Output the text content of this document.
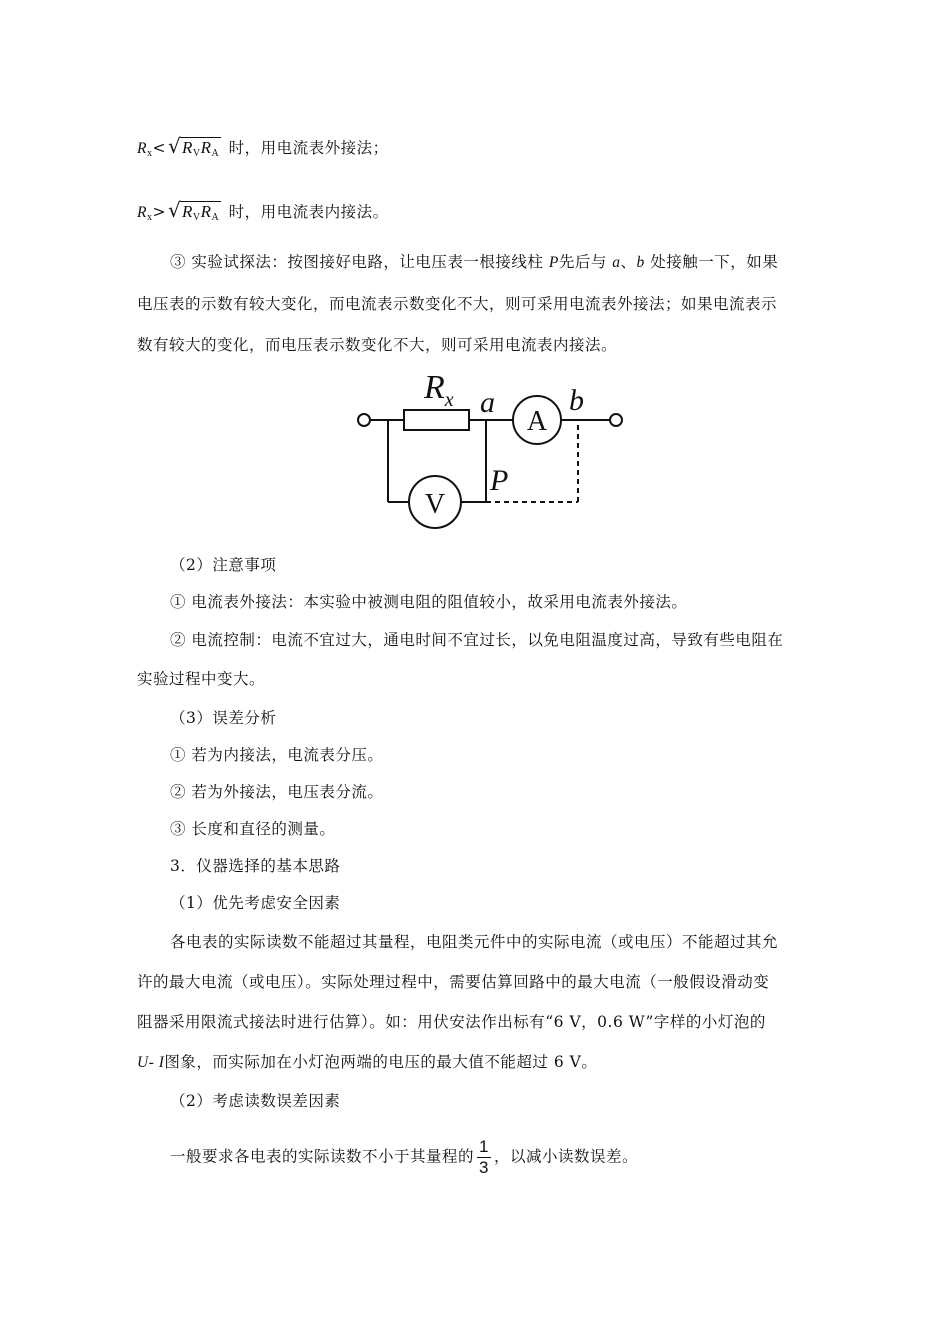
$R_x<$ √ $R_VR_A$ 时，用电流表外接法；
$R_x>$ √ $R_VR_A$ 时，用电流表内接法。
③ 实验试探法：按图接好电路，让电压表一根接线柱 P先后与 a、b 处接触一下，如果
电压表的示数有较大变化，而电流表示数变化不大，则可采用电流表外接法；如果电流表示
数有较大的变化，而电压表示数变化不大，则可采用电流表内接法。
$R_x$ a b
P
A
V
（2）注意事项
① 电流表外接法：本实验中被测电阻的阻值较小，故采用电流表外接法。
② 电流控制：电流不宜过大，通电时间不宜过长，以免电阻温度过高，导致有些电阻在
实验过程中变大。
（3）误差分析
① 若为内接法，电流表分压。
② 若为外接法，电压表分流。
③ 长度和直径的测量。
3．仪器选择的基本思路
（1）优先考虑安全因素
各电表的实际读数不能超过其量程，电阻类元件中的实际电流（或电压）不能超过其允
许的最大电流（或电压）。实际处理过程中，需要估算回路中的最大电流（一般假设滑动变
阻器采用限流式接法时进行估算）。如：用伏安法作出标有“6 V，0.6 W”字样的小灯泡的
U- I图象，而实际加在小灯泡两端的电压的最大值不能超过 6 V。
（2）考虑读数误差因素
一般要求各电表的实际读数不小于其量程的 $\frac{1}{3}$ ，以减小读数误差。
